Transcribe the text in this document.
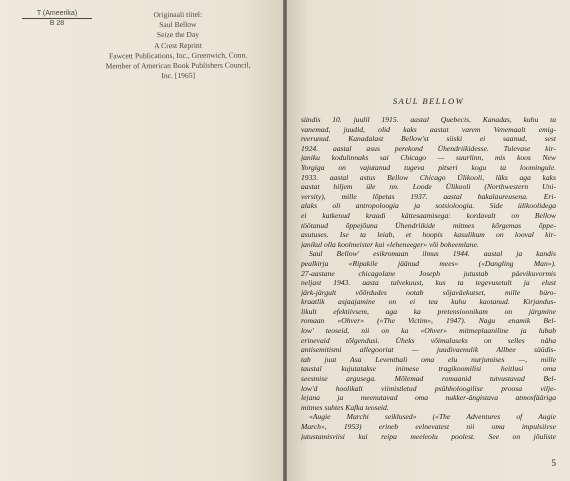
T (Ameerika)
B 28
Originaali tiitel:
Saul Bellow
Seize the Day
A Crest Reprint
Fawcett Publications, Inc., Greenwich, Conn.
Member of American Book Publishers Council,
Inc. [1965]
SAUL BELLOW
sündis 10. juulil 1915. aastal Quebecis, Kanadas, kuhu ta
vanemad, juudid, olid kaks aastat varem Venemaalt emig-
reerunud. Kanadalast Bellow'st siiski ei saanud, sest
1924. aastal asus perekond Ühendriikidesse. Tulevase kir-
janiku kodulinnaks sai Chicago — suurlinn, mis koos New
Yorgiga on vajutanud tugeva pitseri kogu ta loomingule.
1933. aastal astus Bellow Chicago Ülikooli, läks aga kaks
aastat hiljem üle nn. Loode Ülikooli (Northwestern Uni-
versity), mille lõpetas 1937. aastal bakalaureusena. Eri-
alaks oli antropoloogia ja sotsioloogia. Side ülikoolidega
ei katkenud kraadi kättesaamisega: kordavalt on Bellow
töötanud õppejõuna Ühendriikide mitmes kõrgemas õppe-
asutuses. Ise ta leiab, et hoopis kasulikum on looval kir-
janikul olla koolmeister kui «leheneeger» või boheemlane.
Saul Bellow' esikromaan ilmus 1944. aastal ja kandis
pealkirja «Ripakile jäänud mees» («Dangling Man»).
27-aastane chicagolane Joseph jutustab päevikuvormis
neljast 1943. aasta talvekuust, kus ta tegevusetult ja elust
järk-järgult võõrdudes ootab sõjaväekutset, mille büro-
kraatlik asjaajamine on ei tea kuhu kaotanud. Kirjandus-
likult efektiivsem, aga ka pretensioonikam on järgmine
romaan «Ohver» («The Victim», 1947). Nagu enamik Bel-
low' teoseid, nii on ka «Ohver» mitmeplaaniline ja lubab
erinevaid tõlgendusi. Üheks võimaluseks on selles näha
antisemitismi allegooriat — juudivaenulik Allbee süüdis-
tab juut Asa Leventhali oma elu nurjumises —, mille
taustal kujutatakse inimese tragikoomilisi heitlusi oma
seesmise argusega. Mõlemad romaanid tutvustavad Bel-
low'd hoolikalt viimistletud psühholoogilise proosa vilje-
lejana ja meenutavad oma nukker-ängistava atmosfääriga
mitmes suhtes Kafka teoseid.
«Augie Marchi seiklused» («The Adventures of Augie
March», 1953) erineb eelnevatest nii oma impulsiivse
jutustamisviisi kui reipa meeleolu poolest. See on jõuliste
5
